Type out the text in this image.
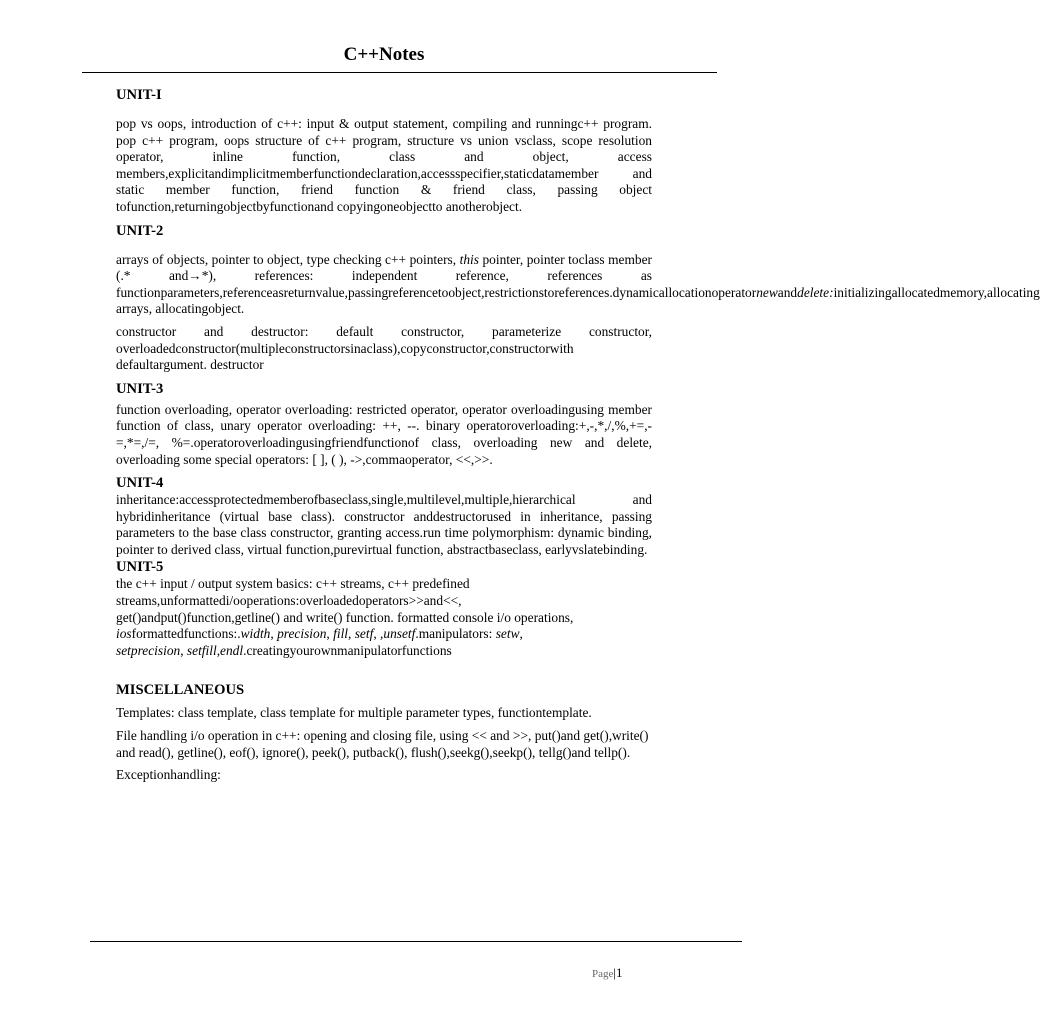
C++Notes
UNIT-I

pop vs oops, introduction of c++: input & output statement, compiling and runningc++ program. pop c++ program, oops structure of c++ program, structure vs union vsclass, scope resolution operator, inline function, class and object, access members,explicitandimplicitmemberfunctiondeclaration,accessspecifier,staticdatamember and static member function, friend function & friend class, passing object tofunction,returningobjectbyfunctionand copyingoneobjectto anotherobject.

UNIT-2

arrays of objects, pointer to object, type checking c++ pointers, this pointer, pointer toclass member (.* and→*), references: independent reference, references as functionparameters,referenceasreturnvalue,passingreferencetoobject,restrictionstoreferences.dynamicallocationoperatornewanddelete:initializingallocatedmemory,allocating arrays, allocatingobject.

constructor and destructor: default constructor, parameterize constructor, overloadedconstructor(multipleconstructorsinaclass),copyconstructor,constructorwith defaultargument. destructor

UNIT-3

function overloading, operator overloading: restricted operator, operator overloadingusing member function of class, unary operator overloading: ++, --. binary operatoroverloading:+,-,*,/,%,+=,-=,*=,/=, %=.operatoroverloadingusingfriendfunctionof class, overloading new and delete, overloading some special operators: [ ], ( ), ->,commaoperator, <<,>>.

UNIT-4

inheritance:accessprotectedmemberofbaseclass,single,multilevel,multiple,hierarchical and hybridinheritance (virtual base class). constructor anddestructorused in inheritance, passing parameters to the base class constructor, granting access.run time polymorphism: dynamic binding, pointer to derived class, virtual function,purevirtual function, abstractbaseclass, earlyvslatebinding.

UNIT-5

the c++ input / output system basics: c++ streams, c++ predefined
streams,unformattedi/ooperations:overloadedoperators>>and<<,
get()andput()function,getline() and write() function. formatted console i/o operations,
iosformattedfunctions:.width, precision, fill, setf, ,unsetf.manipulators: setw,
setprecision, setfill,endl.creatingyourownmanipulatorfunctions

MISCELLANEOUS

Templates: class template, class template for multiple parameter types, functiontemplate.

File handling i/o operation in c++: opening and closing file, using << and >>, put()and get(),write() and read(), getline(), eof(), ignore(), peek(), putback(), flush(),seekg(),seekp(), tellg()and tellp().

Exceptionhandling:

Page|1
